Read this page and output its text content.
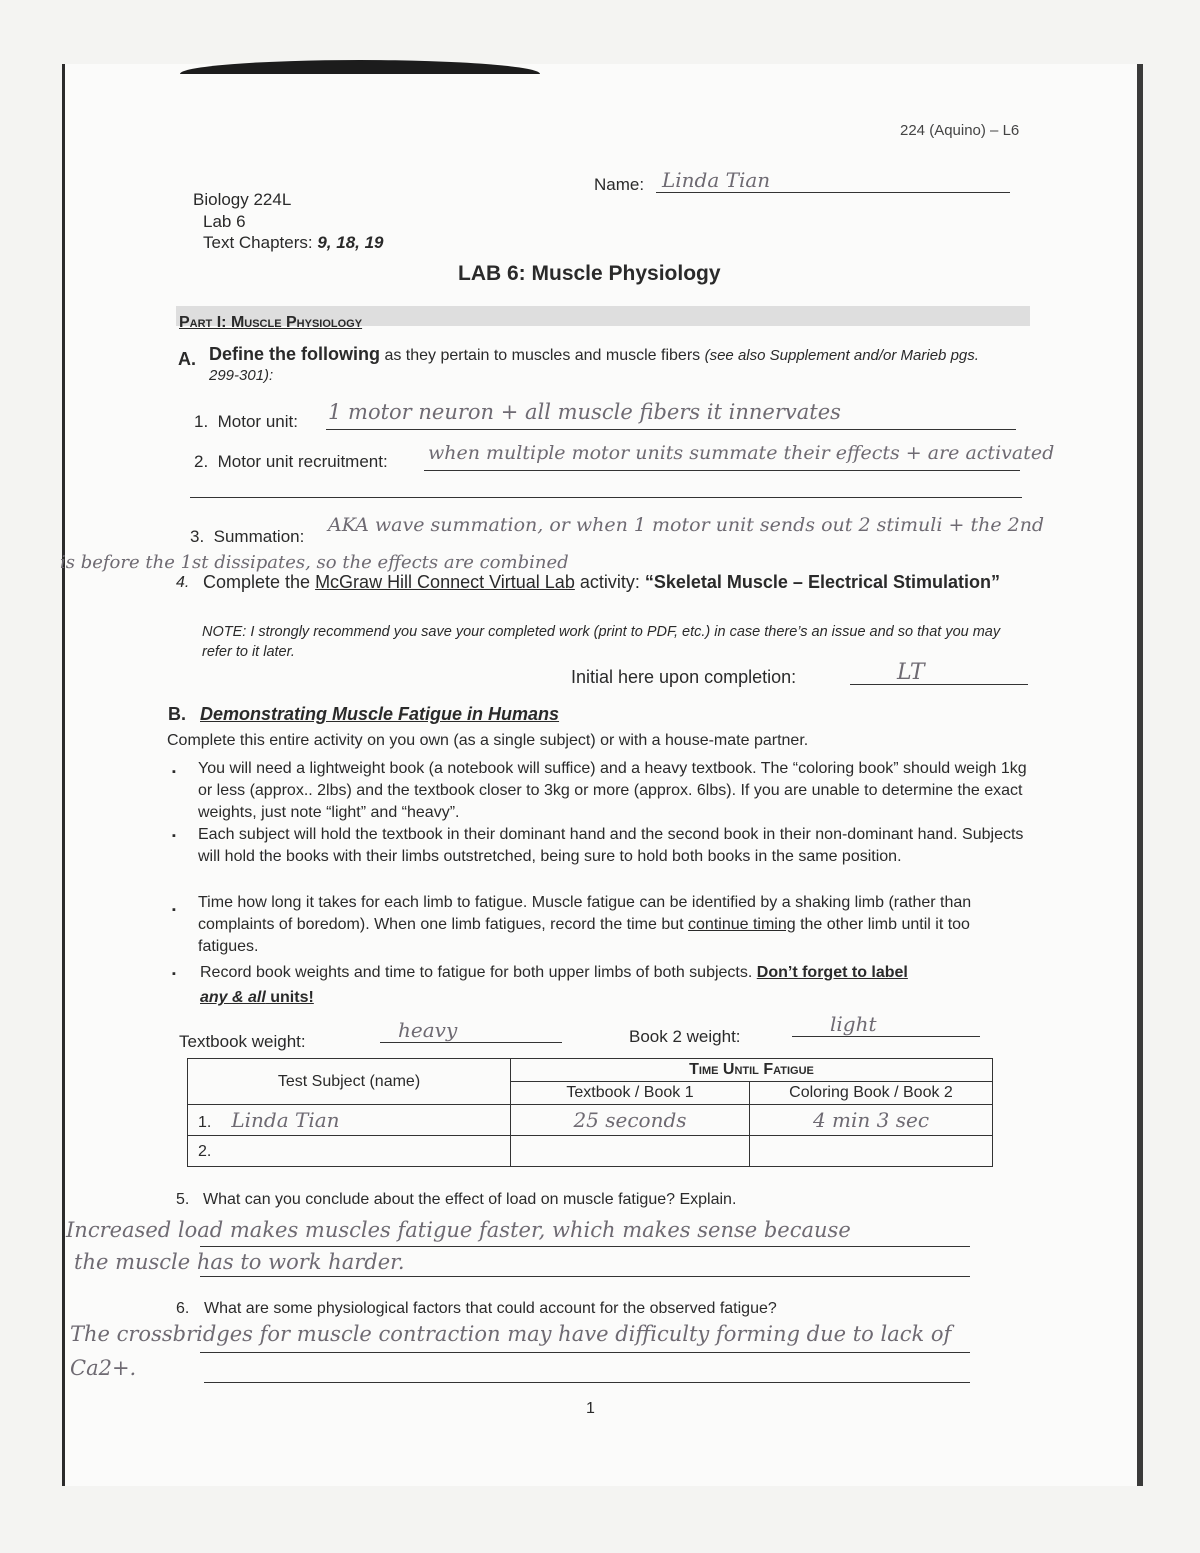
224 (Aquino) – L6
Name: Linda Tian
Biology 224L
Lab 6
Text Chapters: 9, 18, 19
LAB 6: Muscle Physiology
Part I: Muscle Physiology
A. Define the following as they pertain to muscles and muscle fibers (see also Supplement and/or Marieb pgs. 299-301):
1. Motor unit: 1 motor neuron + all muscle fibers it innervates
2. Motor unit recruitment: when multiple motor units summate their effects + are activated
3. Summation:
AKA wave summation, or when 1 motor unit sends out 2 stimuli + the 2nd
is before the 1st dissipates, so the effects are combined
4. Complete the McGraw Hill Connect Virtual Lab activity: “Skeletal Muscle – Electrical Stimulation”
NOTE: I strongly recommend you save your completed work (print to PDF, etc.) in case there’s an issue and so that you may refer to it later.
Initial here upon completion:	LT
B. Demonstrating Muscle Fatigue in Humans
Complete this entire activity on you own (as a single subject) or with a house-mate partner.
▪ You will need a lightweight book (a notebook will suffice) and a heavy textbook. The “coloring book” should weigh 1kg or less (approx.. 2lbs) and the textbook closer to 3kg or more (approx. 6lbs). If you are unable to determine the exact weights, just note “light” and “heavy”.
▪ Each subject will hold the textbook in their dominant hand and the second book in their non-dominant hand. Subjects will hold the books with their limbs outstretched, being sure to hold both books in the same position.
▪ Time how long it takes for each limb to fatigue. Muscle fatigue can be identified by a shaking limb (rather than complaints of boredom). When one limb fatigues, record the time but continue timing the other limb until it too fatigues.
▪ Record book weights and time to fatigue for both upper limbs of both subjects. Don’t forget to label
any & all units!
Textbook weight:	heavy	Book 2 weight:
light
Test Subject (name)	Time Until Fatigue	
	Textbook / Book 1	Coloring Book / Book 2
1. Linda Tian	25 seconds	4 min 3 sec
2.		
5. What can you conclude about the effect of load on muscle fatigue? Explain.
Increased load makes muscles fatigue faster, which makes sense because
the muscle has to work harder.
6. What are some physiological factors that could account for the observed fatigue?
The crossbridges for muscle contraction may have difficulty forming due to lack of
Ca2+.
1
